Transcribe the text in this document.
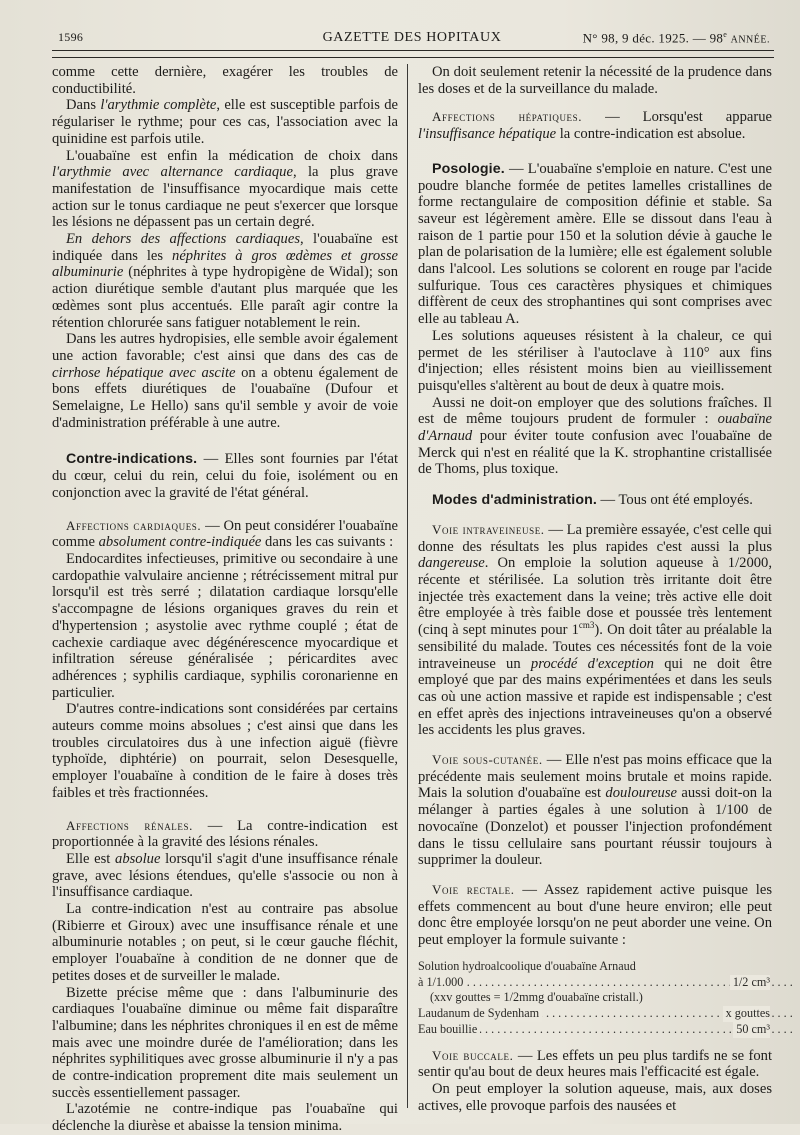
1596	GAZETTE DES HOPITAUX	N° 98, 9 déc. 1925. — 98e ANNÉE.

comme cette dernière, exagérer les troubles de conductibilité.

Dans l'arythmie complète, elle est susceptible parfois de régulariser le rythme; pour ces cas, l'association avec la quinidine est parfois utile.

L'ouabaïne est enfin la médication de choix dans l'arythmie avec alternance cardiaque, la plus grave manifestation de l'insuffisance myocardique mais cette action sur le tonus cardiaque ne peut s'exercer que lorsque les lésions ne dépassent pas un certain degré.

En dehors des affections cardiaques, l'ouabaïne est indiquée dans les néphrites à gros œdèmes et grosse albuminurie (néphrites à type hydropigène de Widal); son action diurétique semble d'autant plus marquée que les œdèmes sont plus accentués. Elle paraît agir contre la rétention chlorurée sans fatiguer notablement le rein.

Dans les autres hydropisies, elle semble avoir également une action favorable; c'est ainsi que dans des cas de cirrhose hépatique avec ascite on a obtenu également de bons effets diurétiques de l'ouabaïne (Dufour et Semelaigne, Le Hello) sans qu'il semble y avoir de voie d'administration préférable à une autre.

Contre-indications. — Elles sont fournies par l'état du cœur, celui du rein, celui du foie, isolément ou en conjonction avec la gravité de l'état général.

Affections cardiaques. — On peut considérer l'ouabaïne comme absolument contre-indiquée dans les cas suivants :

Endocardites infectieuses, primitive ou secondaire à une cardopathie valvulaire ancienne ; rétrécissement mitral pur lorsqu'il est très serré ; dilatation cardiaque lorsqu'elle s'accompagne de lésions organiques graves du rein et d'hypertension ; asystolie avec rythme couplé ; état de cachexie cardiaque avec dégénérescence myocardique et infiltration séreuse généralisée ; péricardites avec adhérences ; syphilis cardiaque, syphilis coronarienne en particulier.

D'autres contre-indications sont considérées par certains auteurs comme moins absolues ; c'est ainsi que dans les troubles circulatoires dus à une infection aiguë (fièvre typhoïde, diphtérie) on pourrait, selon Desesquelle, employer l'ouabaïne à condition de le faire à doses très faibles et très fractionnées.

Affections rénales. — La contre-indication est proportionnée à la gravité des lésions rénales.

Elle est absolue lorsqu'il s'agit d'une insuffisance rénale grave, avec lésions étendues, qu'elle s'associe ou non à l'insuffisance cardiaque.

La contre-indication n'est au contraire pas absolue (Ribierre et Giroux) avec une insuffisance rénale et une albuminurie notables ; on peut, si le cœur gauche fléchit, employer l'ouabaïne à condition de ne donner que de petites doses et de surveiller le malade.

Bizette précise même que : dans l'albuminurie des cardiaques l'ouabaïne diminue ou même fait disparaître l'albumine; dans les néphrites chroniques il en est de même mais avec une moindre durée de l'amélioration; dans les néphrites syphilitiques avec grosse albuminurie il n'y a pas de contre-indication proprement dite mais seulement un succès essentiellement passager.

L'azotémie ne contre-indique pas l'ouabaïne qui déclenche la diurèse et abaisse la tension minima.

On doit seulement retenir la nécessité de la prudence dans les doses et de la surveillance du malade.

Affections hépatiques. — Lorsqu'est apparue l'insuffisance hépatique la contre-indication est absolue.

Posologie. — L'ouabaïne s'emploie en nature. C'est une poudre blanche formée de petites lamelles cristallines de forme rectangulaire de composition définie et stable. Sa saveur est légèrement amère. Elle se dissout dans l'eau à raison de 1 partie pour 150 et la solution dévie à gauche le plan de polarisation de la lumière; elle est également soluble dans l'alcool. Les solutions se colorent en rouge par l'acide sulfurique. Tous ces caractères physiques et chimiques diffèrent de ceux des strophantines qui sont comprises avec elle au tableau A.

Les solutions aqueuses résistent à la chaleur, ce qui permet de les stériliser à l'autoclave à 110° aux fins d'injection; elles résistent moins bien au vieillissement puisqu'elles s'altèrent au bout de deux à quatre mois.

Aussi ne doit-on employer que des solutions fraîches. Il est de même toujours prudent de formuler : ouabaïne d'Arnaud pour éviter toute confusion avec l'ouabaïne de Merck qui n'est en réalité que la K. strophantine cristallisée de Thoms, plus toxique.

Modes d'administration. — Tous ont été employés.

Voie intraveineuse. — La première essayée, c'est celle qui donne des résultats les plus rapides c'est aussi la plus dangereuse. On emploie la solution aqueuse à 1/2000, récente et stérilisée. La solution très irritante doit être injectée très exactement dans la veine; très active elle doit être employée à très faible dose et poussée très lentement (cinq à sept minutes pour $1^{cm3}$). On doit tâter au préalable la sensibilité du malade. Toutes ces nécessités font de la voie intraveineuse un procédé d'exception qui ne doit être employé que par des mains expérimentées et dans les seuls cas où une action massive et rapide est indispensable ; c'est en effet après des injections intraveineuses qu'on a observé les accidents les plus graves.

Voie sous-cutanée. — Elle n'est pas moins efficace que la précédente mais seulement moins brutale et moins rapide. Mais la solution d'ouabaïne est douloureuse aussi doit-on la mélanger à parties égales à une solution à 1/100 de novocaïne (Donzelot) et pousser l'injection profondément dans le tissu cellulaire sans pourtant réussir toujours à supprimer la douleur.

Voie rectale. — Assez rapidement active puisque les effets commencent au bout d'une heure environ; elle peut donc être employée lorsqu'on ne peut aborder une veine. On peut employer la formule suivante :

Solution hydroalcoolique d'ouabaïne Arnaud
. . .
à 1/1.000	1/2 cm³
(xxv gouttes = 1/2mmg d'ouabaïne cristall.)
. . .
Laudanum de Sydenham	x gouttes
. . .
Eau bouillie	50 cm³

Voie buccale. — Les effets un peu plus tardifs ne se font sentir qu'au bout de deux heures mais l'efficacité est égale.

On peut employer la solution aqueuse, mais, aux doses actives, elle provoque parfois des nausées et
